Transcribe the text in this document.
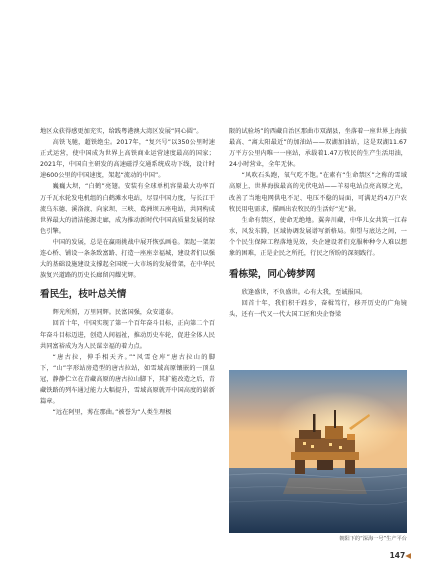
地区众获得感更加充实，给践粤港澳大湾区发展“同心圆”。

高铁飞驰，超铁绝尘。2017年，“复兴号”以350公里时速正式运营，使中国成为世界上高铁商业运营速度最高的国家；2021年，中国自主研发的高速磁浮交通系统成功下线，设计时速600公里的中国速度，架起“流动的中国”。

巍巍大坝，“白鹤”亮翅。安装有全球单机容量最大功率百万千瓦水轮发电机组的白鹤滩水电站，尽显中国力度，与长江干流乌东德、溪洛渡、向家坝、三峡、葛洲坝五座电站，共同构成世界最大的清洁能源走廊，成为推动新时代中国高质量发展的绿色引擎。

中国的发展，总是在赢雨挑战中展开恢弘画卷。架起一架架连心桥、铺设一条条致富路、打造一座座幸福城，建设者们以强大的基础设施建设支撑起全国统一大市场的发展骨架，在中华民族复兴道路的历史长廊留闪耀光辉。

看民生，枝叶总关情

辉光所照，万里同辉。民富国强，众安道泰。

回首十年，中国实现了第一个百年奋斗目标，正向第二个百年奋斗目标迈进，创造人间福祉，推动历史车轮，促进全体人民共同富裕成为为人民谋幸福的着力点。

“唐古拉，伸手相天齐。”“风雪仓库”唐古拉山的脚下，“山”字形站房造型的唐古拉站，如雪域高原镶嵌的一顶皇冠，静静伫立在青藏高原的唐古拉山脚下，其扩能改造之后，青藏铁路的列车通过能力大幅提升，雪域高原就开中国高度的崭新篇章。

“远在阿里，莠在那曲。”被誉为“人类生理极

限的试验场”的西藏自治区那曲市双湖县，坐落着一座世界上海拔最高、“离太阳最近”的加油站——双湖加油站，这是双湖11.67万平方公里内唯一一座站，承载着1.47万牧民的生产生活用油，24小时营业，全年无休。

“风吹石头跑，氧气吃不饱。”在素有“生命禁区”之称的雪域高原上，世界海拔最高的光伏电站——羊易电站点亮高原之光，改善了当地电网供电不足、电压不稳的局面，可满足约4万户农牧民用电需求，描画出农牧民的生活好“光”景。

生命有禁区，使命无绝地。翼奔川藏，中华儿女共筑一江春水，风发东腾，区域协调发展谱写新格局。仰望与底达之间，一个个民生保障工程落地见效，央企建设者们克服种种令人难以想象的困难，正是企民之所托，行民之所盼的深刻践行。

看栋梁，同心铸梦网

欣逢盛世，不负盛世。心有大我，至诚报国。

回首十年，我们积千跬步，奋楫笃行，移开历史的广角镜头，还有一代又一代大国工匠和央企脊梁

朝阳下的“深海一号”生产平台
147◀
